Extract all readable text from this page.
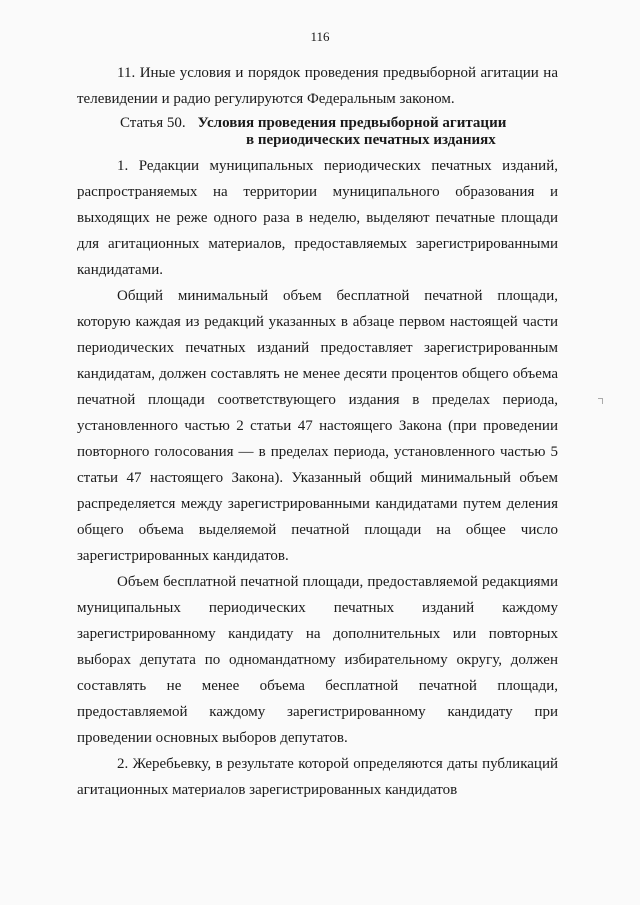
116

11. Иные условия и порядок проведения предвыборной агитации на телевидении и радио регулируются Федеральным законом.

Статья 50. Условия проведения предвыборной агитации
в периодических печатных изданиях

1. Редакции муниципальных периодических печатных изданий, распространяемых на территории муниципального образования и выходящих не реже одного раза в неделю, выделяют печатные площади для агитационных материалов, предоставляемых зарегистрированными кандидатами.

Общий минимальный объем бесплатной печатной площади, которую каждая из редакций указанных в абзаце первом настоящей части периодических печатных изданий предоставляет зарегистрированным кандидатам, должен составлять не менее десяти процентов общего объема печатной площади соответствующего издания в пределах периода, установленного частью 2 статьи 47 настоящего Закона (при проведении повторного голосования — в пределах периода, установленного частью 5 статьи 47 настоящего Закона). Указанный общий минимальный объем распределяется между зарегистрированными кандидатами путем деления общего объема выделяемой печатной площади на общее число зарегистрированных кандидатов.

Объем бесплатной печатной площади, предоставляемой редакциями муниципальных периодических печатных изданий каждому зарегистрированному кандидату на дополнительных или повторных выборах депутата по одномандатному избирательному округу, должен составлять не менее объема бесплатной печатной площади, предоставляемой каждому зарегистрированному кандидату при проведении основных выборов депутатов.

2. Жеребьевку, в результате которой определяются даты публикаций агитационных материалов зарегистрированных кандидатов
